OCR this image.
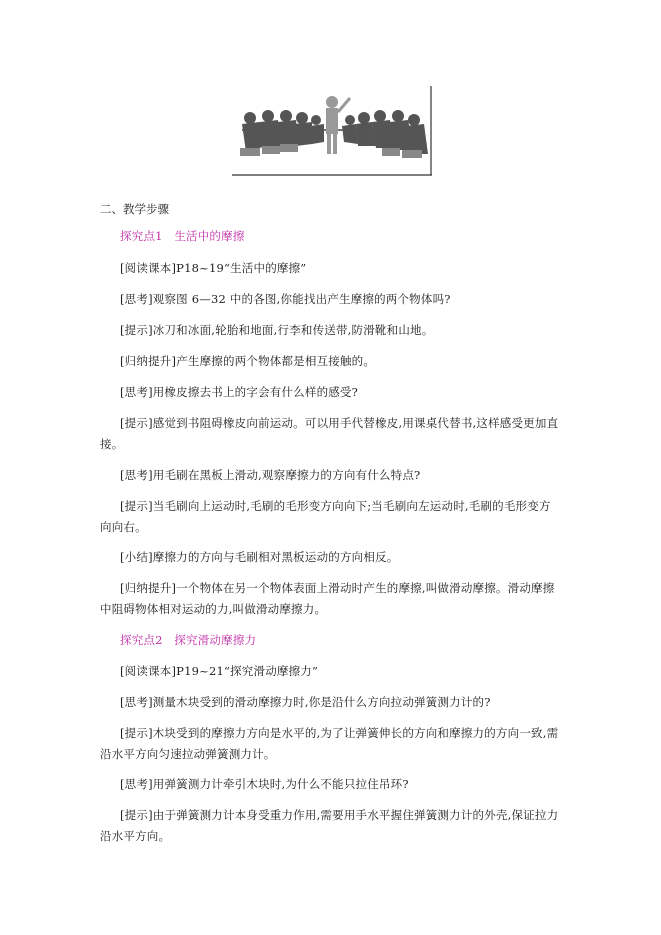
二、教学步骤
探究点1　生活中的摩擦
[阅读课本]P18~19“生活中的摩擦”
[思考]观察图 6—32 中的各图,你能找出产生摩擦的两个物体吗?
[提示]冰刀和冰面,轮胎和地面,行李和传送带,防滑靴和山地。
[归纳提升]产生摩擦的两个物体都是相互接触的。
[思考]用橡皮擦去书上的字会有什么样的感受?
[提示]感觉到书阻碍橡皮向前运动。可以用手代替橡皮,用课桌代替书,这样感受更加直接。
[思考]用毛刷在黑板上滑动,观察摩擦力的方向有什么特点?
[提示]当毛刷向上运动时,毛刷的毛形变方向向下;当毛刷向左运动时,毛刷的毛形变方向向右。
[小结]摩擦力的方向与毛刷相对黑板运动的方向相反。
[归纳提升]一个物体在另一个物体表面上滑动时产生的摩擦,叫做滑动摩擦。滑动摩擦中阻碍物体相对运动的力,叫做滑动摩擦力。
探究点2　探究滑动摩擦力
[阅读课本]P19~21“探究滑动摩擦力”
[思考]测量木块受到的滑动摩擦力时,你是沿什么方向拉动弹簧测力计的?
[提示]木块受到的摩擦力方向是水平的,为了让弹簧伸长的方向和摩擦力的方向一致,需沿水平方向匀速拉动弹簧测力计。
[思考]用弹簧测力计牵引木块时,为什么不能只拉住吊环?
[提示]由于弹簧测力计本身受重力作用,需要用手水平握住弹簧测力计的外壳,保证拉力沿水平方向。
